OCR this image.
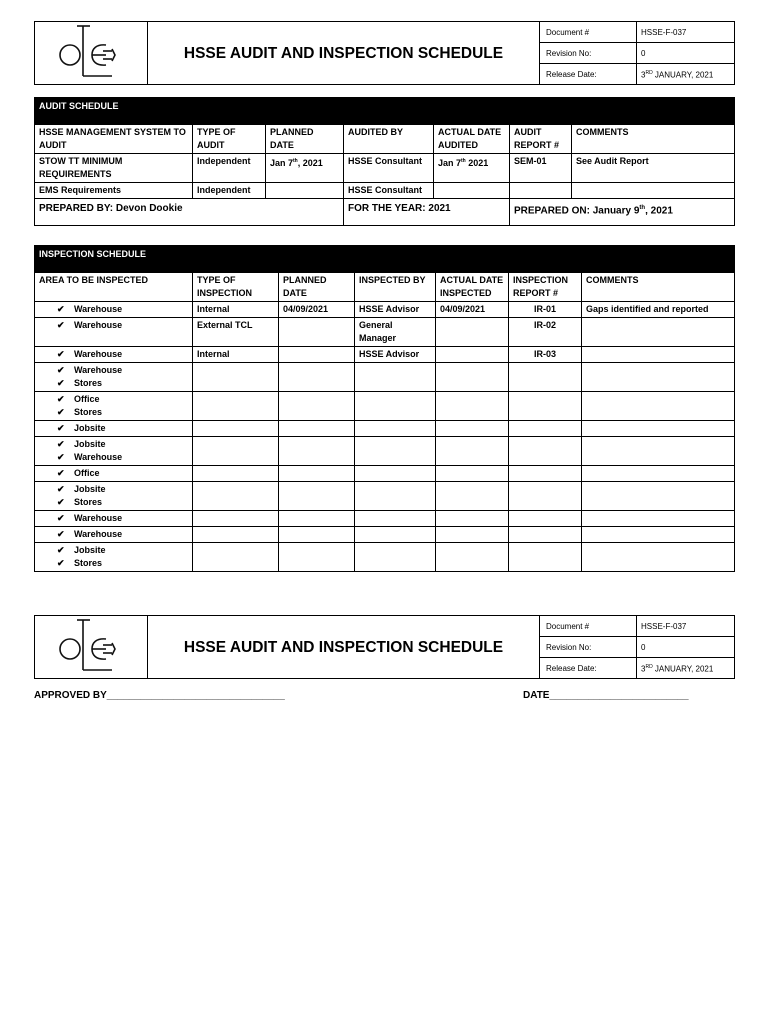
	HSSE AUDIT AND INSPECTION SCHEDULE	Document #	HSSE-F-037
		Revision No:	0
		Release Date:	3RD JANUARY, 2021
AUDIT SCHEDULE						
HSSE MANAGEMENT SYSTEM TO AUDIT	TYPE OF AUDIT	PLANNED DATE	AUDITED BY	ACTUAL DATE AUDITED	AUDIT REPORT #	COMMENTS
STOW TT MINIMUM REQUIREMENTS	Independent	Jan 7th, 2021	HSSE Consultant	Jan 7th 2021	SEM-01	See Audit Report
EMS Requirements	Independent		HSSE Consultant			
PREPARED BY: Devon Dookie			FOR THE YEAR: 2021		PREPARED ON: January 9th, 2021	
INSPECTION SCHEDULE						
AREA TO BE INSPECTED	TYPE OF INSPECTION	PLANNED DATE	INSPECTED BY	ACTUAL DATE INSPECTED	INSPECTION REPORT #	COMMENTS

✔ Warehouse	Internal	04/09/2021	HSSE Advisor	04/09/2021	IR-01	Gaps identified and reported

✔ Warehouse	External TCL		General Manager		IR-02	

✔ Warehouse	Internal		HSSE Advisor		IR-03	

✔ Warehouse
✔ Stores						

✔ Office
✔ Stores						

✔ Jobsite						

✔ Jobsite
✔ Warehouse						

✔ Office						

✔ Jobsite
✔ Stores						

✔ Warehouse						

✔ Warehouse						

✔ Jobsite
✔ Stores						

	HSSE AUDIT AND INSPECTION SCHEDULE	Document #	HSSE-F-037
		Revision No:	0
		Release Date:	3RD JANUARY, 2021
APPROVED BY________________________________	DATE_________________________
